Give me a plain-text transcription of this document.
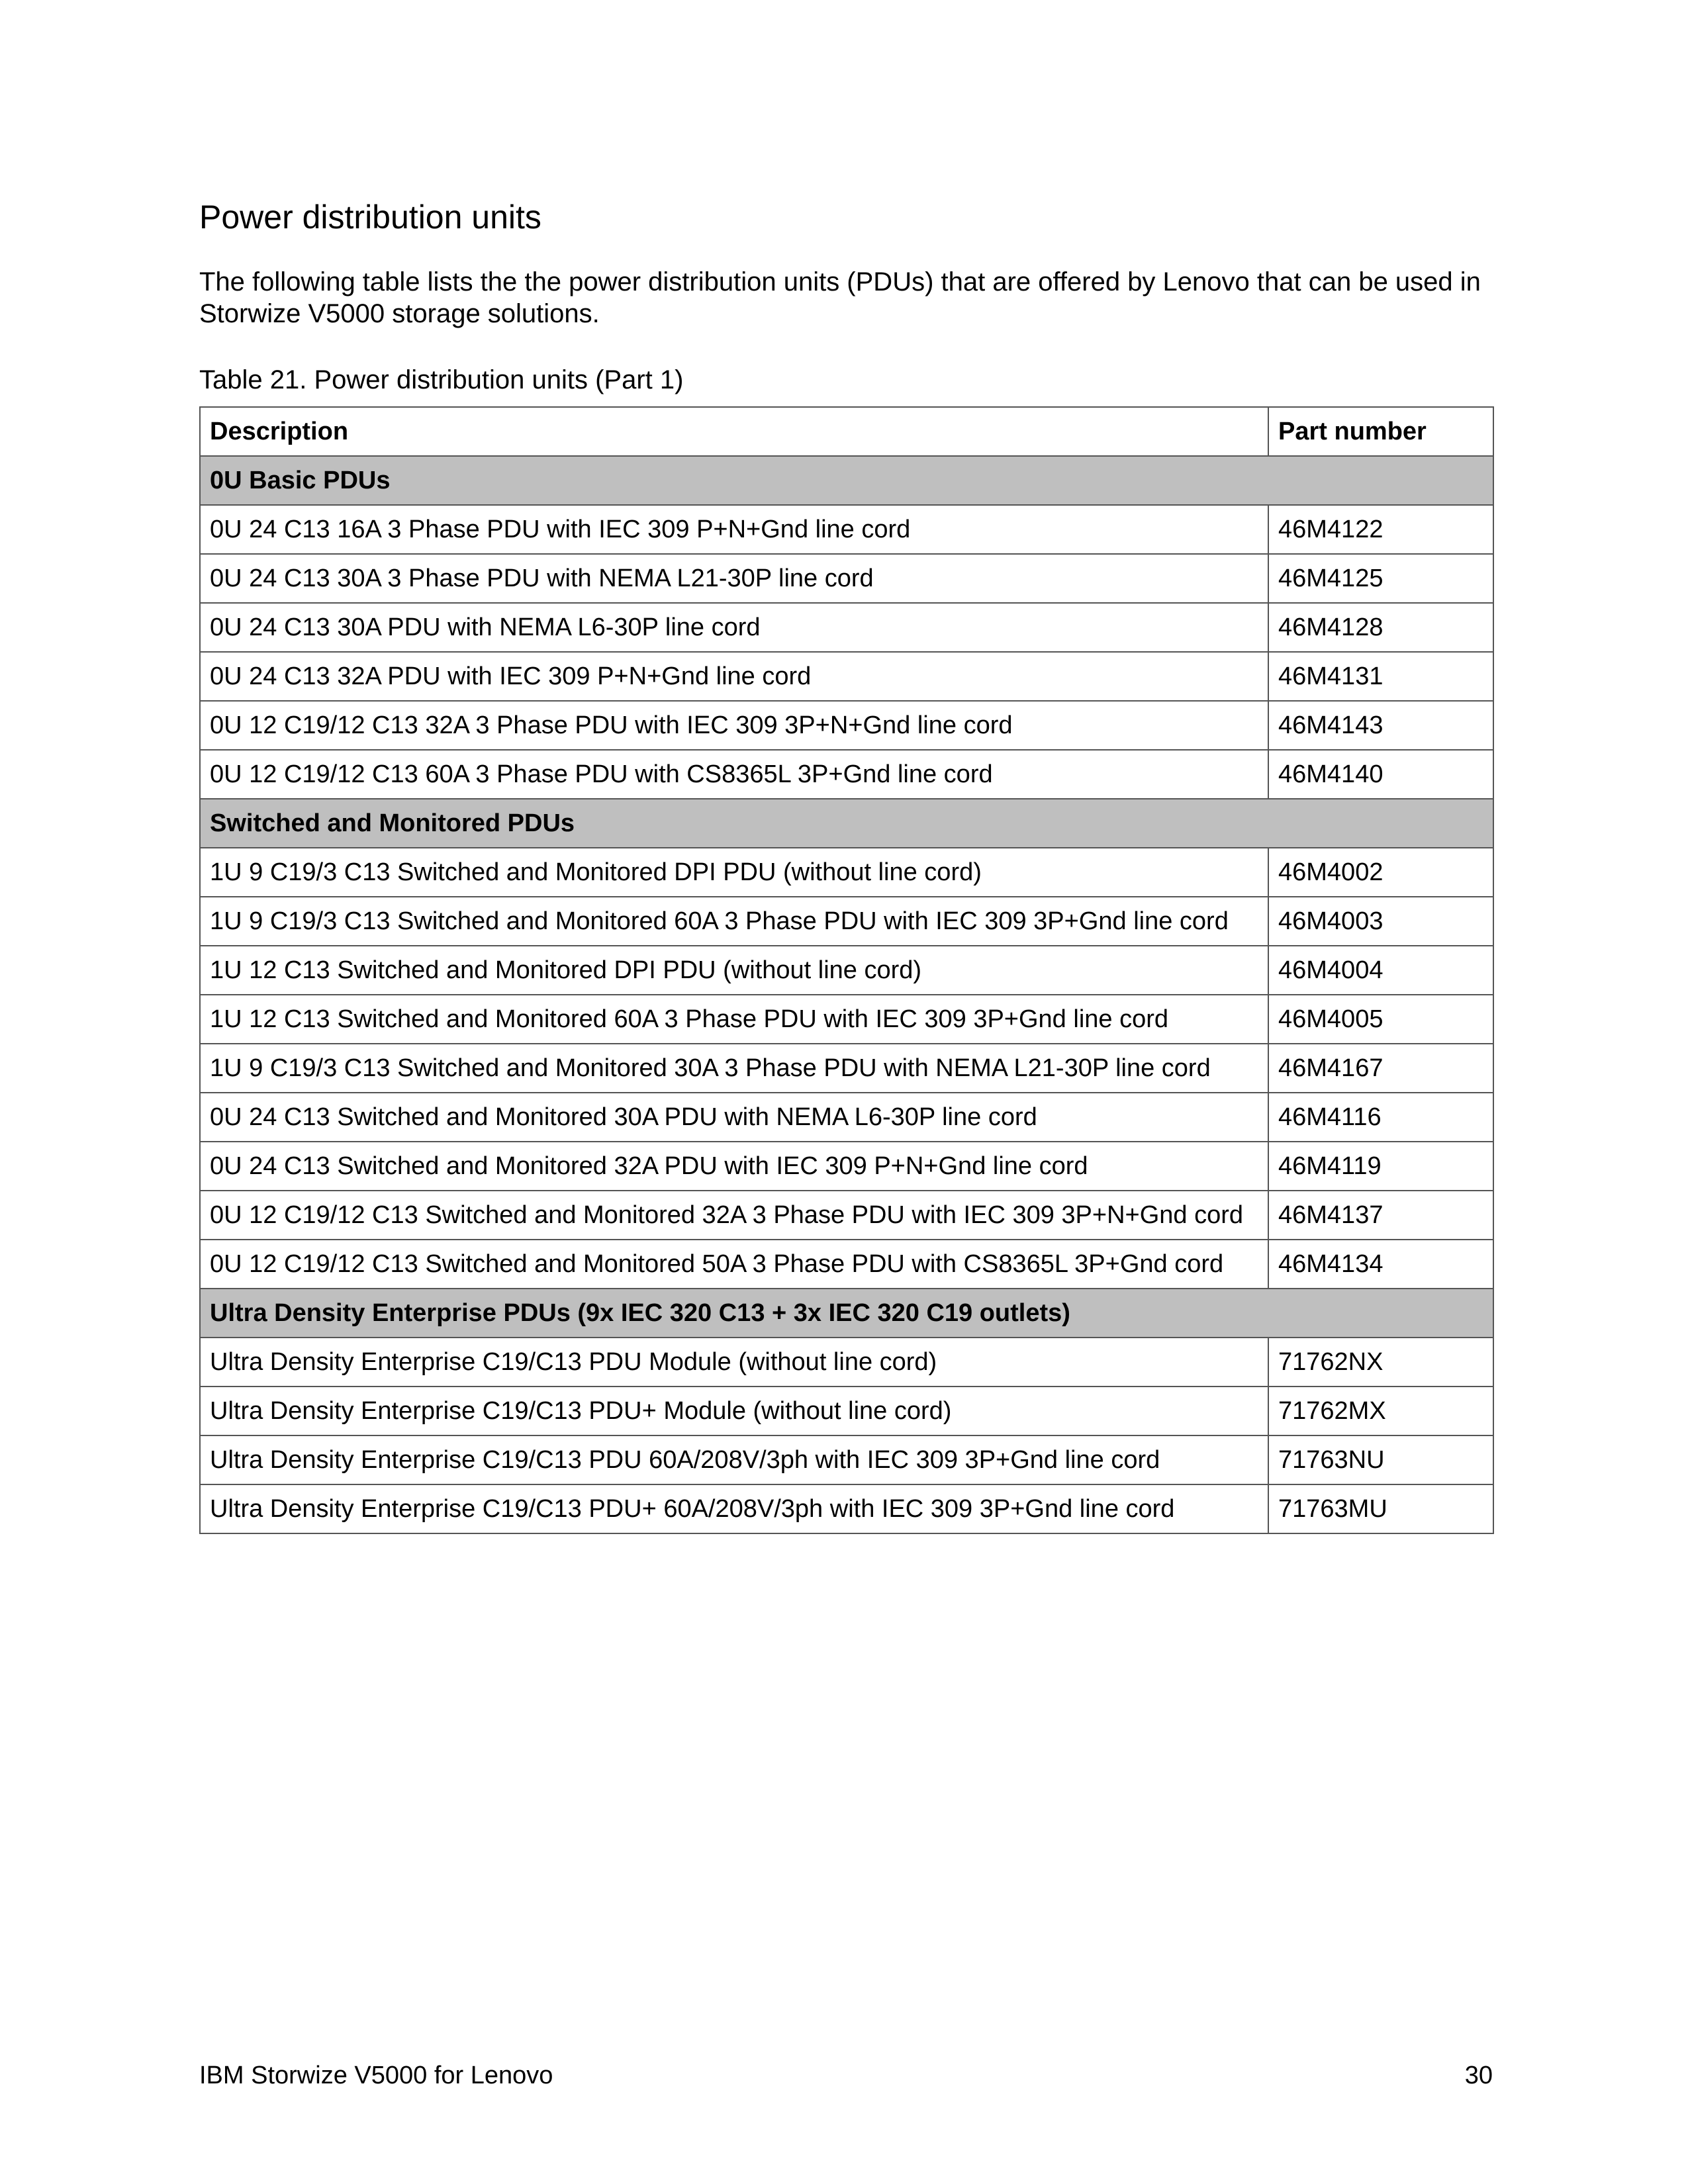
Power distribution units

The following table lists the the power distribution units (PDUs) that are offered by Lenovo that can be used in Storwize V5000 storage solutions.

Table 21. Power distribution units (Part 1)

Description	Part number
0U Basic PDUs	
0U 24 C13 16A 3 Phase PDU with IEC 309 P+N+Gnd line cord	46M4122
0U 24 C13 30A 3 Phase PDU with NEMA L21-30P line cord	46M4125
0U 24 C13 30A PDU with NEMA L6-30P line cord	46M4128
0U 24 C13 32A PDU with IEC 309 P+N+Gnd line cord	46M4131
0U 12 C19/12 C13 32A 3 Phase PDU with IEC 309 3P+N+Gnd line cord	46M4143
0U 12 C19/12 C13 60A 3 Phase PDU with CS8365L 3P+Gnd line cord	46M4140
Switched and Monitored PDUs	
1U 9 C19/3 C13 Switched and Monitored DPI PDU (without line cord)	46M4002
1U 9 C19/3 C13 Switched and Monitored 60A 3 Phase PDU with IEC 309 3P+Gnd line cord	46M4003
1U 12 C13 Switched and Monitored DPI PDU (without line cord)	46M4004
1U 12 C13 Switched and Monitored 60A 3 Phase PDU with IEC 309 3P+Gnd line cord	46M4005
1U 9 C19/3 C13 Switched and Monitored 30A 3 Phase PDU with NEMA L21-30P line cord	46M4167
0U 24 C13 Switched and Monitored 30A PDU with NEMA L6-30P line cord	46M4116
0U 24 C13 Switched and Monitored 32A PDU with IEC 309 P+N+Gnd line cord	46M4119
0U 12 C19/12 C13 Switched and Monitored 32A 3 Phase PDU with IEC 309 3P+N+Gnd cord	46M4137
0U 12 C19/12 C13 Switched and Monitored 50A 3 Phase PDU with CS8365L 3P+Gnd cord	46M4134
Ultra Density Enterprise PDUs (9x IEC 320 C13 + 3x IEC 320 C19 outlets)	
Ultra Density Enterprise C19/C13 PDU Module (without line cord)	71762NX
Ultra Density Enterprise C19/C13 PDU+ Module (without line cord)	71762MX
Ultra Density Enterprise C19/C13 PDU 60A/208V/3ph with IEC 309 3P+Gnd line cord	71763NU
Ultra Density Enterprise C19/C13 PDU+ 60A/208V/3ph with IEC 309 3P+Gnd line cord	71763MU
IBM Storwize V5000 for Lenovo	30
